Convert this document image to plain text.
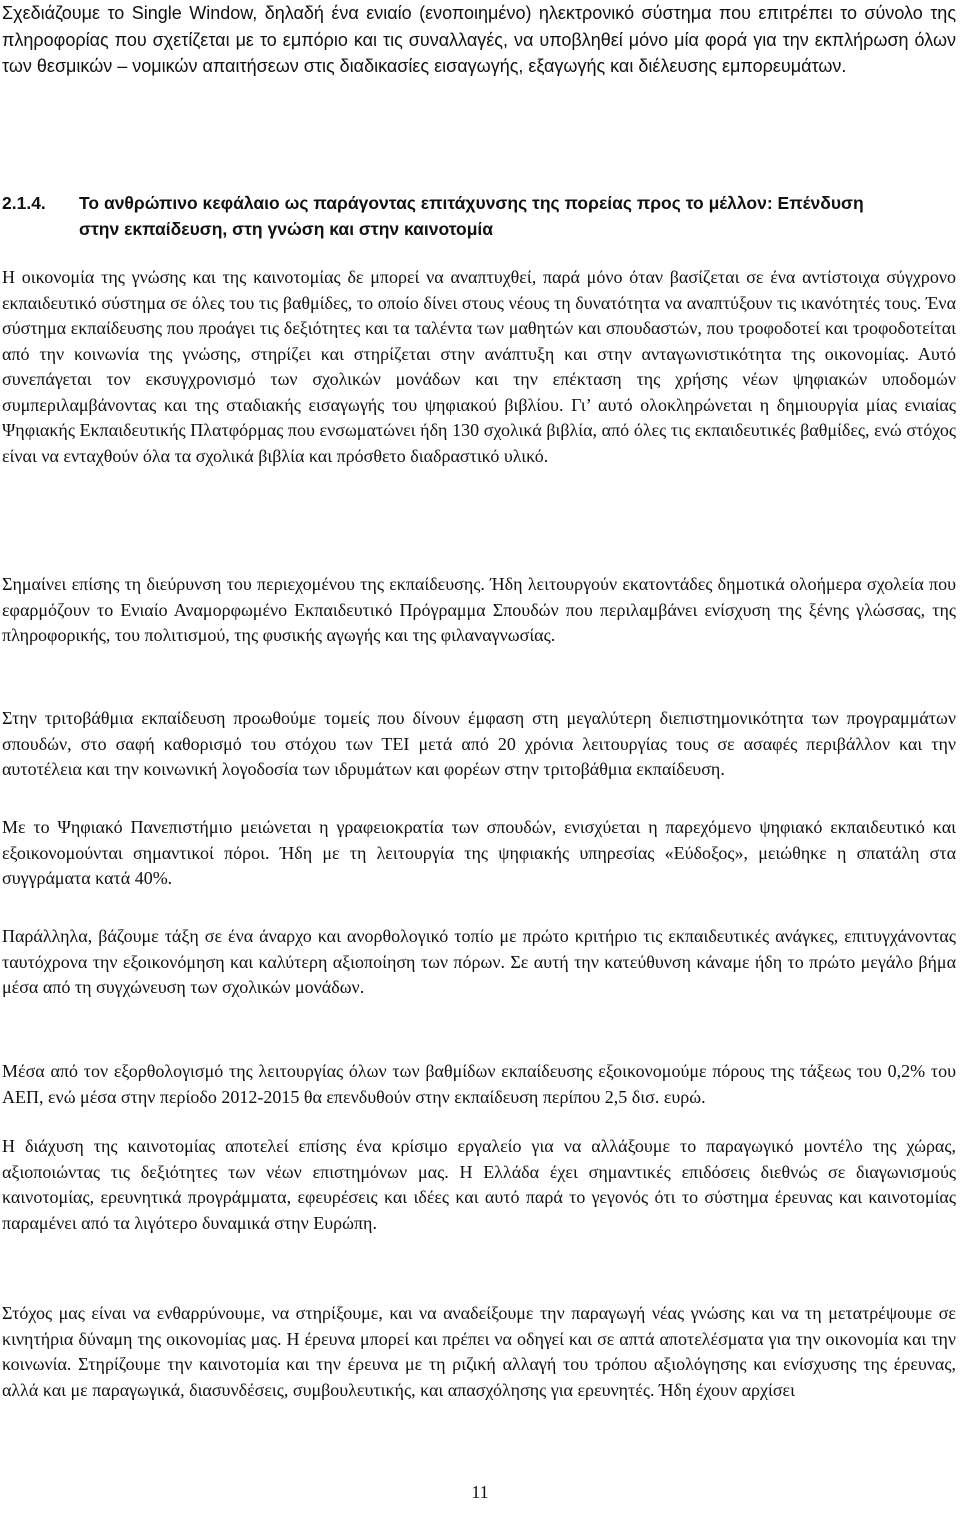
Σχεδιάζουμε το Single Window, δηλαδή ένα ενιαίο (ενοποιημένο) ηλεκτρονικό σύστημα που επιτρέπει το σύνολο της πληροφορίας που σχετίζεται με το εμπόριο και τις συναλλαγές, να υποβληθεί μόνο μία φορά για την εκπλήρωση όλων των θεσμικών – νομικών απαιτήσεων στις διαδικασίες εισαγωγής, εξαγωγής και διέλευσης εμπορευμάτων.

2.1.4. Το ανθρώπινο κεφάλαιο ως παράγοντας επιτάχυνσης της πορείας προς το μέλλον: Επένδυση
στην εκπαίδευση, στη γνώση και στην καινοτομία

Η οικονομία της γνώσης και της καινοτομίας δε μπορεί να αναπτυχθεί, παρά μόνο όταν βασίζεται σε ένα αντίστοιχα σύγχρονο εκπαιδευτικό σύστημα σε όλες του τις βαθμίδες, το οποίο δίνει στους νέους τη δυνατότητα να αναπτύξουν τις ικανότητές τους. Ένα σύστημα εκπαίδευσης που προάγει τις δεξιότητες και τα ταλέντα των μαθητών και σπουδαστών, που τροφοδοτεί και τροφοδοτείται από την κοινωνία της γνώσης, στηρίζει και στηρίζεται στην ανάπτυξη και στην ανταγωνιστικότητα της οικονομίας. Αυτό συνεπάγεται τον εκσυγχρονισμό των σχολικών μονάδων και την επέκταση της χρήσης νέων ψηφιακών υποδομών συμπεριλαμβάνοντας και της σταδιακής εισαγωγής του ψηφιακού βιβλίου. Γι’ αυτό ολοκληρώνεται η δημιουργία μίας ενιαίας Ψηφιακής Εκπαιδευτικής Πλατφόρμας που ενσωματώνει ήδη 130 σχολικά βιβλία, από όλες τις εκπαιδευτικές βαθμίδες, ενώ στόχος είναι να ενταχθούν όλα τα σχολικά βιβλία και πρόσθετο διαδραστικό υλικό.

Σημαίνει επίσης τη διεύρυνση του περιεχομένου της εκπαίδευσης. Ήδη λειτουργούν εκατοντάδες δημοτικά ολοήμερα σχολεία που εφαρμόζουν το Ενιαίο Αναμορφωμένο Εκπαιδευτικό Πρόγραμμα Σπουδών που περιλαμβάνει ενίσχυση της ξένης γλώσσας, της πληροφορικής, του πολιτισμού, της φυσικής αγωγής και της φιλαναγνωσίας.

Στην τριτοβάθμια εκπαίδευση προωθούμε τομείς που δίνουν έμφαση στη μεγαλύτερη διεπιστημονικότητα των προγραμμάτων σπουδών, στο σαφή καθορισμό του στόχου των ΤΕΙ μετά από 20 χρόνια λειτουργίας τους σε ασαφές περιβάλλον και την αυτοτέλεια και την κοινωνική λογοδοσία των ιδρυμάτων και φορέων στην τριτοβάθμια εκπαίδευση.

Με το Ψηφιακό Πανεπιστήμιο μειώνεται η γραφειοκρατία των σπουδών, ενισχύεται η παρεχόμενο ψηφιακό εκπαιδευτικό και εξοικονομούνται σημαντικοί πόροι. Ήδη με τη λειτουργία της ψηφιακής υπηρεσίας «Εύδοξος», μειώθηκε η σπατάλη στα συγγράματα κατά 40%.

Παράλληλα, βάζουμε τάξη σε ένα άναρχο και ανορθολογικό τοπίο με πρώτο κριτήριο τις εκπαιδευτικές ανάγκες, επιτυγχάνοντας ταυτόχρονα την εξοικονόμηση και καλύτερη αξιοποίηση των πόρων. Σε αυτή την κατεύθυνση κάναμε ήδη το πρώτο μεγάλο βήμα μέσα από τη συγχώνευση των σχολικών μονάδων.

Μέσα από τον εξορθολογισμό της λειτουργίας όλων των βαθμίδων εκπαίδευσης εξοικονομούμε πόρους της τάξεως του 0,2% του ΑΕΠ, ενώ μέσα στην περίοδο 2012-2015 θα επενδυθούν στην εκπαίδευση περίπου 2,5 δισ. ευρώ.

Η διάχυση της καινοτομίας αποτελεί επίσης ένα κρίσιμο εργαλείο για να αλλάξουμε το παραγωγικό μοντέλο της χώρας, αξιοποιώντας τις δεξιότητες των νέων επιστημόνων μας. Η Ελλάδα έχει σημαντικές επιδόσεις διεθνώς σε διαγωνισμούς καινοτομίας, ερευνητικά προγράμματα, εφευρέσεις και ιδέες και αυτό παρά το γεγονός ότι το σύστημα έρευνας και καινοτομίας παραμένει από τα λιγότερο δυναμικά στην Ευρώπη.

Στόχος μας είναι να ενθαρρύνουμε, να στηρίξουμε, και να αναδείξουμε την παραγωγή νέας γνώσης και να τη μετατρέψουμε σε κινητήρια δύναμη της οικονομίας μας. Η έρευνα μπορεί και πρέπει να οδηγεί και σε απτά αποτελέσματα για την οικονομία και την κοινωνία. Στηρίζουμε την καινοτομία και την έρευνα με τη ριζική αλλαγή του τρόπου αξιολόγησης και ενίσχυσης της έρευνας, αλλά και με παραγωγικά, διασυνδέσεις, συμβουλευτικής, και απασχόλησης για ερευνητές. Ήδη έχουν αρχίσει

11
